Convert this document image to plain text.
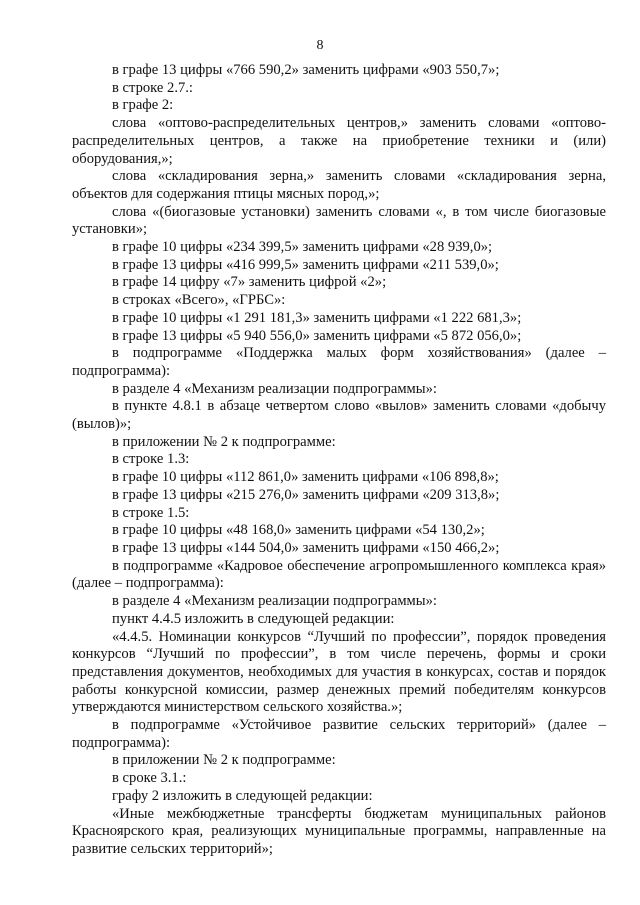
8

в графе 13 цифры «766 590,2» заменить цифрами «903 550,7»;

в строке 2.7.:

в графе 2:

слова «оптово-распределительных центров,» заменить словами «оптово-распределительных центров, а также на приобретение техники и (или) оборудования,»;

слова «складирования зерна,» заменить словами «складирования зерна, объектов для содержания птицы мясных пород,»;

слова «(биогазовые установки) заменить словами «, в том числе биогазовые установки»;

в графе 10 цифры «234 399,5» заменить цифрами «28 939,0»;

в графе 13 цифры «416 999,5» заменить цифрами «211 539,0»;

в графе 14 цифру «7» заменить цифрой «2»;

в строках «Всего», «ГРБС»:

в графе 10 цифры «1 291 181,3» заменить цифрами «1 222 681,3»;

в графе 13 цифры «5 940 556,0» заменить цифрами «5 872 056,0»;

в подпрограмме «Поддержка малых форм хозяйствования» (далее – подпрограмма):

в разделе 4 «Механизм реализации подпрограммы»:

в пункте 4.8.1 в абзаце четвертом слово «вылов» заменить словами «добычу (вылов)»;

в приложении № 2 к подпрограмме:

в строке 1.3:

в графе 10 цифры «112 861,0» заменить цифрами «106 898,8»;

в графе 13 цифры «215 276,0» заменить цифрами «209 313,8»;

в строке 1.5:

в графе 10 цифры «48 168,0» заменить цифрами «54 130,2»;

в графе 13 цифры «144 504,0» заменить цифрами «150 466,2»;

в подпрограмме «Кадровое обеспечение агропромышленного комплекса края» (далее – подпрограмма):

в разделе 4 «Механизм реализации подпрограммы»:

пункт 4.4.5 изложить в следующей редакции:

«4.4.5. Номинации конкурсов “Лучший по профессии”, порядок проведения конкурсов “Лучший по профессии”, в том числе перечень, формы и сроки представления документов, необходимых для участия в конкурсах, состав и порядок работы конкурсной комиссии, размер денежных премий победителям конкурсов утверждаются министерством сельского хозяйства.»;

в подпрограмме «Устойчивое развитие сельских территорий» (далее – подпрограмма):

в приложении № 2 к подпрограмме:

в сроке 3.1.:

графу 2 изложить в следующей редакции:

«Иные межбюджетные трансферты бюджетам муниципальных районов Красноярского края, реализующих муниципальные программы, направленные на развитие сельских территорий»;
